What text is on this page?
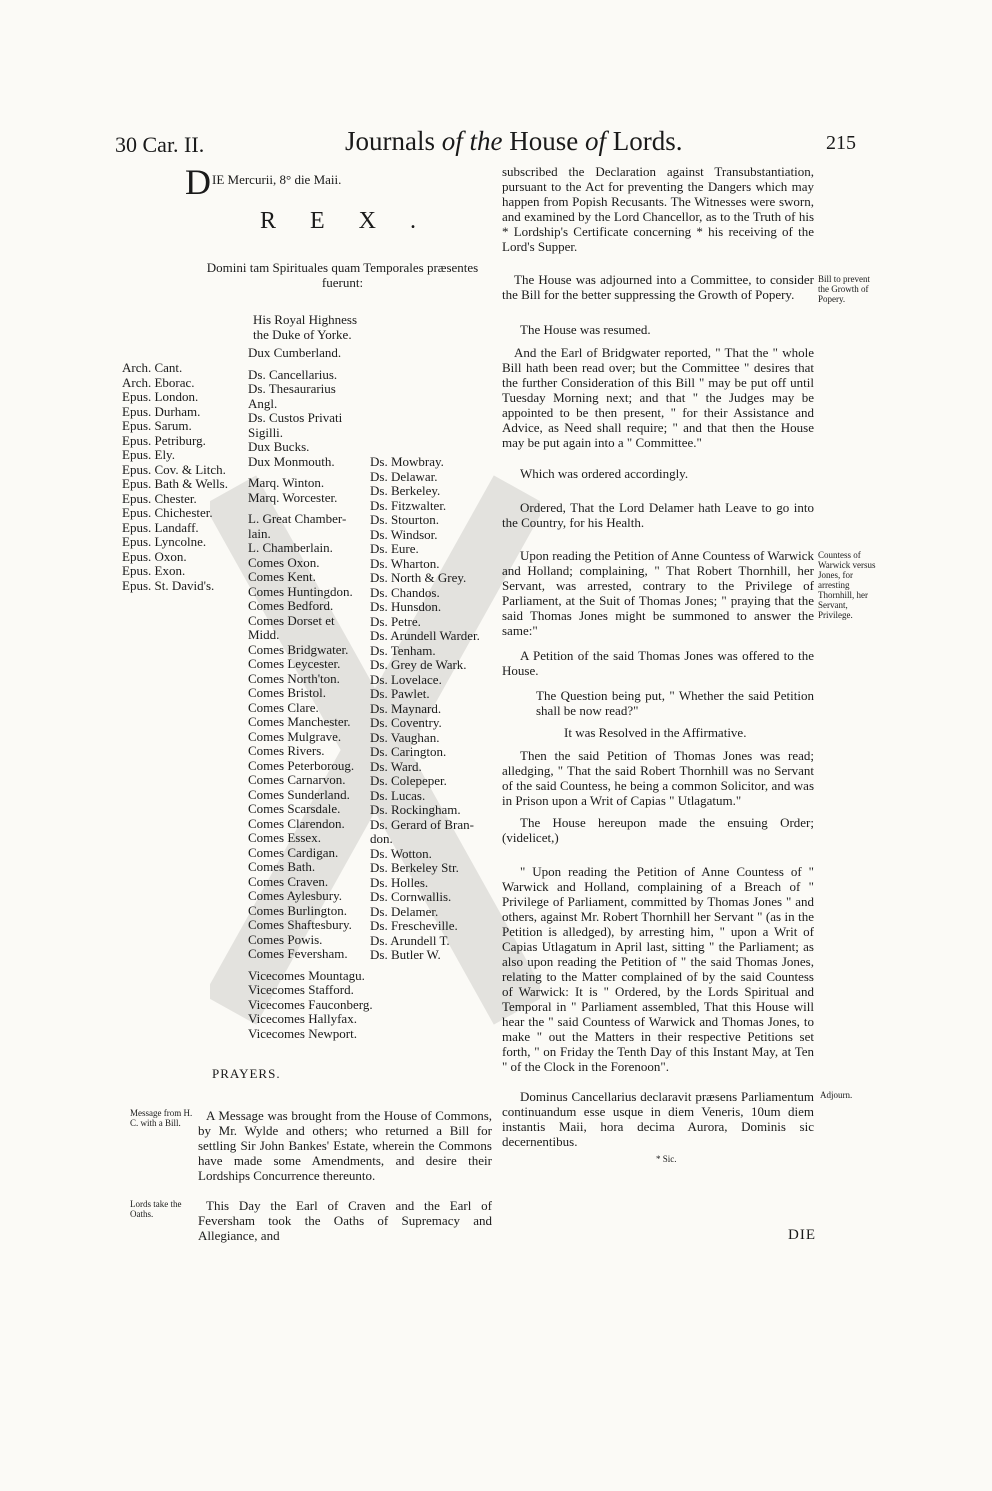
30 Car. II.	Journals of the House of Lords.	215
D IE Mercurii, 8° die Maii.
REX.
Domini tam Spirituales quam Temporales præsentes fuerunt:
Arch. Cant.
Arch. Eborac.
Epus. London.
Epus. Durham.
Epus. Sarum.
Epus. Petriburg.
Epus. Ely.
Epus. Cov. & Litch.
Epus. Bath & Wells.
Epus. Chester.
Epus. Chichester.
Epus. Landaff.
Epus. Lyncolne.
Epus. Oxon.
Epus. Exon.
Epus. St. David's.
His Royal Highness
the Duke of Yorke.
Dux Cumberland.
Ds. Cancellarius.
Ds. Thesaurarius
Angl.
Ds. Custos Privati
Sigilli.
Dux Bucks.
Dux Monmouth.
Marq. Winton.
Marq. Worcester.
L. Great Chamber-
lain.
L. Chamberlain.
Comes Oxon.
Comes Kent.
Comes Huntingdon.
Comes Bedford.
Comes Dorset et
Midd.
Comes Bridgwater.
Comes Leycester.
Comes North'ton.
Comes Bristol.
Comes Clare.
Comes Manchester.
Comes Mulgrave.
Comes Rivers.
Comes Peterboroug.
Comes Carnarvon.
Comes Sunderland.
Comes Scarsdale.
Comes Clarendon.
Comes Essex.
Comes Cardigan.
Comes Bath.
Comes Craven.
Comes Aylesbury.
Comes Burlington.
Comes Shaftesbury.
Comes Powis.
Comes Feversham.
Vicecomes Mountagu.
Vicecomes Stafford.
Vicecomes Fauconberg.
Vicecomes Hallyfax.
Vicecomes Newport.
Ds. Mowbray.
Ds. Delawar.
Ds. Berkeley.
Ds. Fitzwalter.
Ds. Stourton.
Ds. Windsor.
Ds. Eure.
Ds. Wharton.
Ds. North & Grey.
Ds. Chandos.
Ds. Hunsdon.
Ds. Petre.
Ds. Arundell Warder.
Ds. Tenham.
Ds. Grey de Wark.
Ds. Lovelace.
Ds. Pawlet.
Ds. Maynard.
Ds. Coventry.
Ds. Vaughan.
Ds. Carington.
Ds. Ward.
Ds. Colepeper.
Ds. Lucas.
Ds. Rockingham.
Ds. Gerard of Bran-
don.
Ds. Wotton.
Ds. Berkeley Str.
Ds. Holles.
Ds. Cornwallis.
Ds. Delamer.
Ds. Frescheville.
Ds. Arundell T.
Ds. Butler W.
PRAYERS.
Message from H. C. with a Bill.	A Message was brought from the House of Commons, by Mr. Wylde and others; who returned a Bill for settling Sir John Bankes' Estate, wherein the Commons have made some Amendments, and desire their Lordships Concurrence thereunto.
Lords take the Oaths.
This Day the Earl of Craven and the Earl of Feversham took the Oaths of Supremacy and Allegiance, and
subscribed the Declaration against Transubstantiation, pursuant to the Act for preventing the Dangers which may happen from Popish Recusants. The Witnesses were sworn, and examined by the Lord Chancellor, as to the Truth of his * Lordship's Certificate concerning * his receiving of the Lord's Supper.
Bill to prevent the Growth of Popery.
The House was adjourned into a Committee, to consider the Bill for the better suppressing the Growth of Popery.
The House was resumed.
And the Earl of Bridgwater reported, " That the " whole Bill hath been read over; but the Committee " desires that the further Consideration of this Bill " may be put off until Tuesday Morning next; and that " the Judges may be appointed to be then present, " for their Assistance and Advice, as Need shall require; " and that then the House may be put again into a " Committee."
Which was ordered accordingly.
Ordered, That the Lord Delamer hath Leave to go into the Country, for his Health.
Countess of Warwick versus Jones, for arresting Thornhill, her Servant, Privilege.
Upon reading the Petition of Anne Countess of Warwick and Holland; complaining, " That Robert Thornhill, her Servant, was arrested, contrary to the Privilege of Parliament, at the Suit of Thomas Jones; " praying that the said Thomas Jones might be summoned to answer the same:"
A Petition of the said Thomas Jones was offered to the House.
The Question being put, " Whether the said Petition shall be now read?"
It was Resolved in the Affirmative.
Then the said Petition of Thomas Jones was read; alledging, " That the said Robert Thornhill was no Servant of the said Countess, he being a common Solicitor, and was in Prison upon a Writ of Capias " Utlagatum."
The House hereupon made the ensuing Order; (videlicet,)
" Upon reading the Petition of Anne Countess of " Warwick and Holland, complaining of a Breach of " Privilege of Parliament, committed by Thomas Jones " and others, against Mr. Robert Thornhill her Servant " (as in the Petition is alledged), by arresting him, " upon a Writ of Capias Utlagatum in April last, sitting " the Parliament; as also upon reading the Petition of " the said Thomas Jones, relating to the Matter complained of by the said Countess of Warwick: It is " Ordered, by the Lords Spiritual and Temporal in " Parliament assembled, That this House will hear the " said Countess of Warwick and Thomas Jones, to make " out the Matters in their respective Petitions set forth, " on Friday the Tenth Day of this Instant May, at Ten " of the Clock in the Forenoon".
Adjourn.
Dominus Cancellarius declaravit præsens Parliamentum continuandum esse usque in diem Veneris, 10um diem instantis Maii, hora decima Aurora, Dominis sic decernentibus.
* Sic.
DIE
